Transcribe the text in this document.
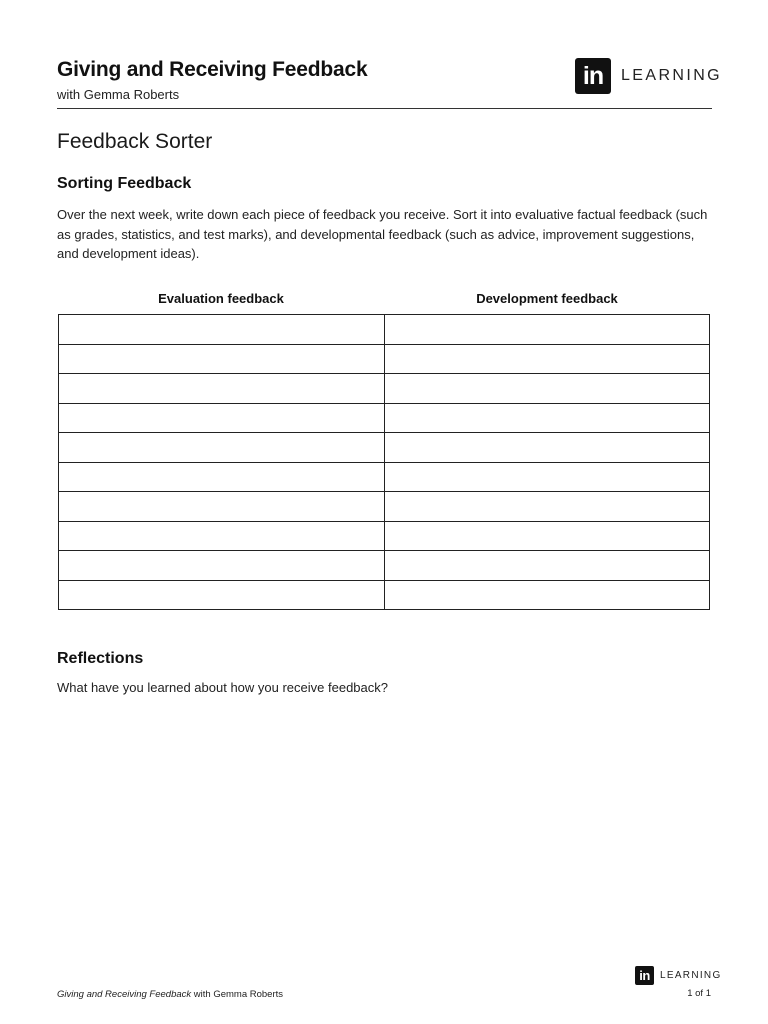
Giving and Receiving Feedback
with Gemma Roberts
in	LEARNING
Feedback Sorter
Sorting Feedback
Over the next week, write down each piece of feedback you receive. Sort it into evaluative factual feedback (such as grades, statistics, and test marks), and developmental feedback (such as advice, improvement suggestions, and development ideas).
Evaluation feedback	Development feedback

Reflections
What have you learned about how you receive feedback?
in	LEARNING
Giving and Receiving Feedback with Gemma Roberts	1 of 1
